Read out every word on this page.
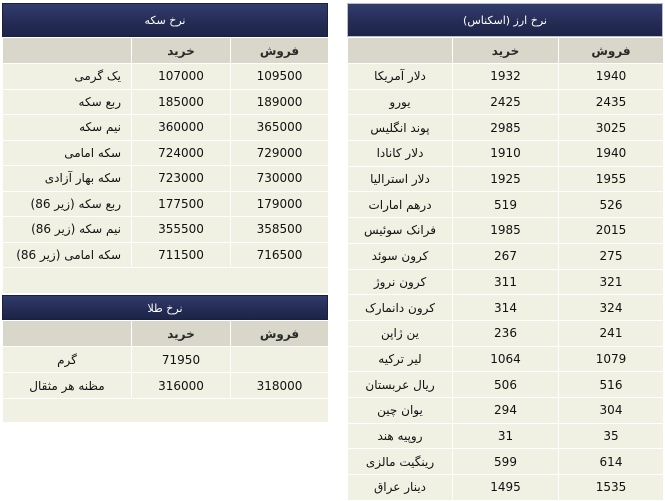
نرخ سکه
	خرید	فروش
یک گرمی	107000	109500
ربع سکه	185000	189000
نیم سکه	360000	365000
سکه امامی	724000	729000
سکه بهار آزادی	723000	730000
ربع سکه (زیر 86)	177500	179000
نیم سکه (زیر 86)	355500	358500
سکه امامی (زیر 86)	711500	716500

نرخ طلا
	خرید	فروش
گرم	71950	
مظنه هر مثقال	316000	318000

نرخ ارز (اسکناس)
	خرید	فروش
دلار آمریکا	1932	1940
یورو	2425	2435
پوند انگلیس	2985	3025
دلار کانادا	1910	1940
دلار استرالیا	1925	1955
درهم امارات	519	526
فرانک سوئیس	1985	2015
کرون سوئد	267	275
کرون نروژ	311	321
کرون دانمارک	314	324
ین ژاپن	236	241
لیر ترکیه	1064	1079
ریال عربستان	506	516
یوان چین	294	304
روپیه هند	31	35
رینگیت مالزی	599	614
دینار عراق	1495	1535
